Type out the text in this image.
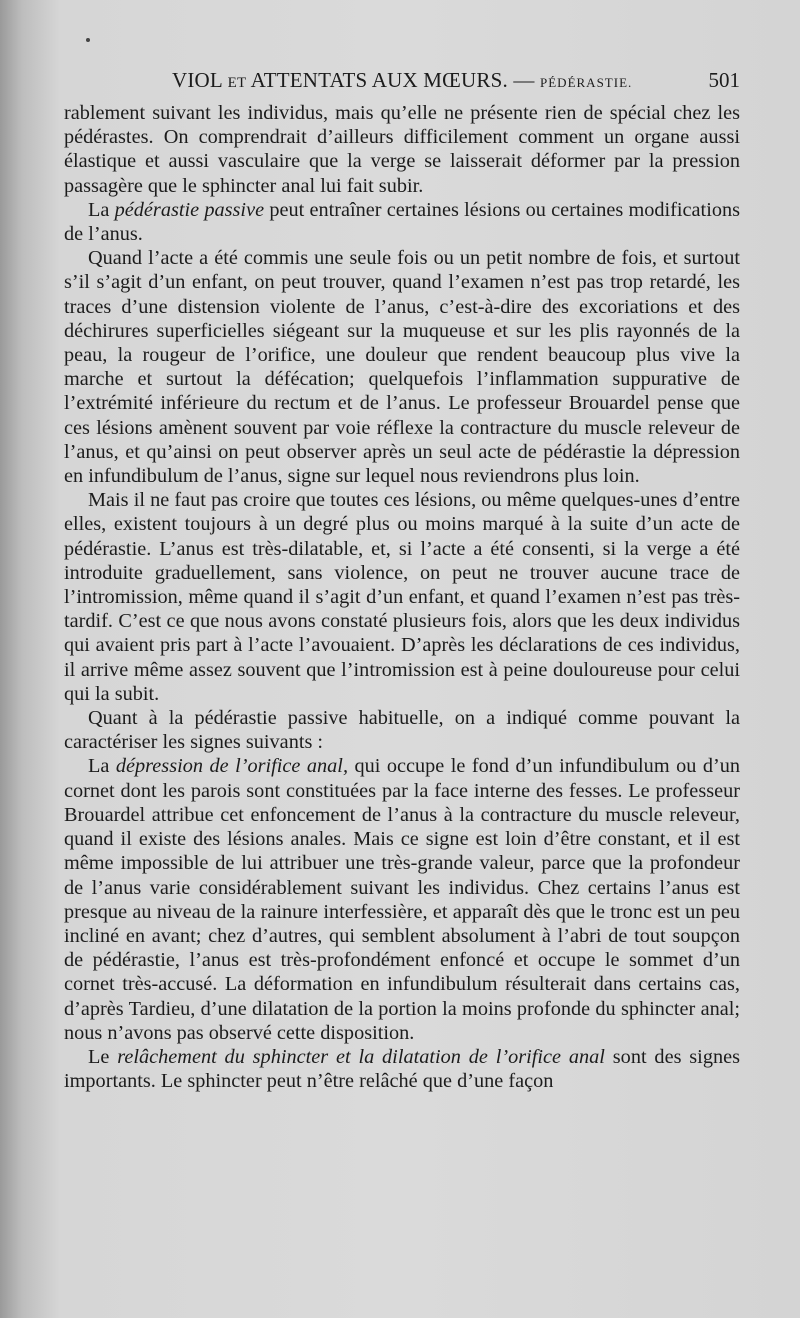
VIOL ET ATTENTATS AUX MŒURS. — PÉDÉRASTIE.	501

rablement suivant les individus, mais qu’elle ne présente rien de spécial chez les pédérastes. On comprendrait d’ailleurs difficilement comment un organe aussi élastique et aussi vasculaire que la verge se laisserait déformer par la pression passagère que le sphincter anal lui fait subir.

La pédérastie passive peut entraîner certaines lésions ou certaines modifications de l’anus.

Quand l’acte a été commis une seule fois ou un petit nombre de fois, et surtout s’il s’agit d’un enfant, on peut trouver, quand l’examen n’est pas trop retardé, les traces d’une distension violente de l’anus, c’est-à-dire des excoriations et des déchirures superficielles siégeant sur la muqueuse et sur les plis rayonnés de la peau, la rougeur de l’orifice, une douleur que rendent beaucoup plus vive la marche et surtout la défécation; quelquefois l’inflammation suppurative de l’extrémité inférieure du rectum et de l’anus. Le professeur Brouardel pense que ces lésions amènent souvent par voie réflexe la contracture du muscle releveur de l’anus, et qu’ainsi on peut observer après un seul acte de pédérastie la dépression en infundibulum de l’anus, signe sur lequel nous reviendrons plus loin.

Mais il ne faut pas croire que toutes ces lésions, ou même quelques-unes d’entre elles, existent toujours à un degré plus ou moins marqué à la suite d’un acte de pédérastie. L’anus est très-dilatable, et, si l’acte a été consenti, si la verge a été introduite graduellement, sans violence, on peut ne trouver aucune trace de l’intromission, même quand il s’agit d’un enfant, et quand l’examen n’est pas très-tardif. C’est ce que nous avons constaté plusieurs fois, alors que les deux individus qui avaient pris part à l’acte l’avouaient. D’après les déclarations de ces individus, il arrive même assez souvent que l’intromission est à peine douloureuse pour celui qui la subit.

Quant à la pédérastie passive habituelle, on a indiqué comme pouvant la caractériser les signes suivants :

La dépression de l’orifice anal, qui occupe le fond d’un infundibulum ou d’un cornet dont les parois sont constituées par la face interne des fesses. Le professeur Brouardel attribue cet enfoncement de l’anus à la contracture du muscle releveur, quand il existe des lésions anales. Mais ce signe est loin d’être constant, et il est même impossible de lui attribuer une très-grande valeur, parce que la profondeur de l’anus varie considérablement suivant les individus. Chez certains l’anus est presque au niveau de la rainure interfessière, et apparaît dès que le tronc est un peu incliné en avant; chez d’autres, qui semblent absolument à l’abri de tout soupçon de pédérastie, l’anus est très-profondément enfoncé et occupe le sommet d’un cornet très-accusé. La déformation en infundibulum résulterait dans certains cas, d’après Tardieu, d’une dilatation de la portion la moins profonde du sphincter anal; nous n’avons pas observé cette disposition.

Le relâchement du sphincter et la dilatation de l’orifice anal sont des signes importants. Le sphincter peut n’être relâché que d’une façon
